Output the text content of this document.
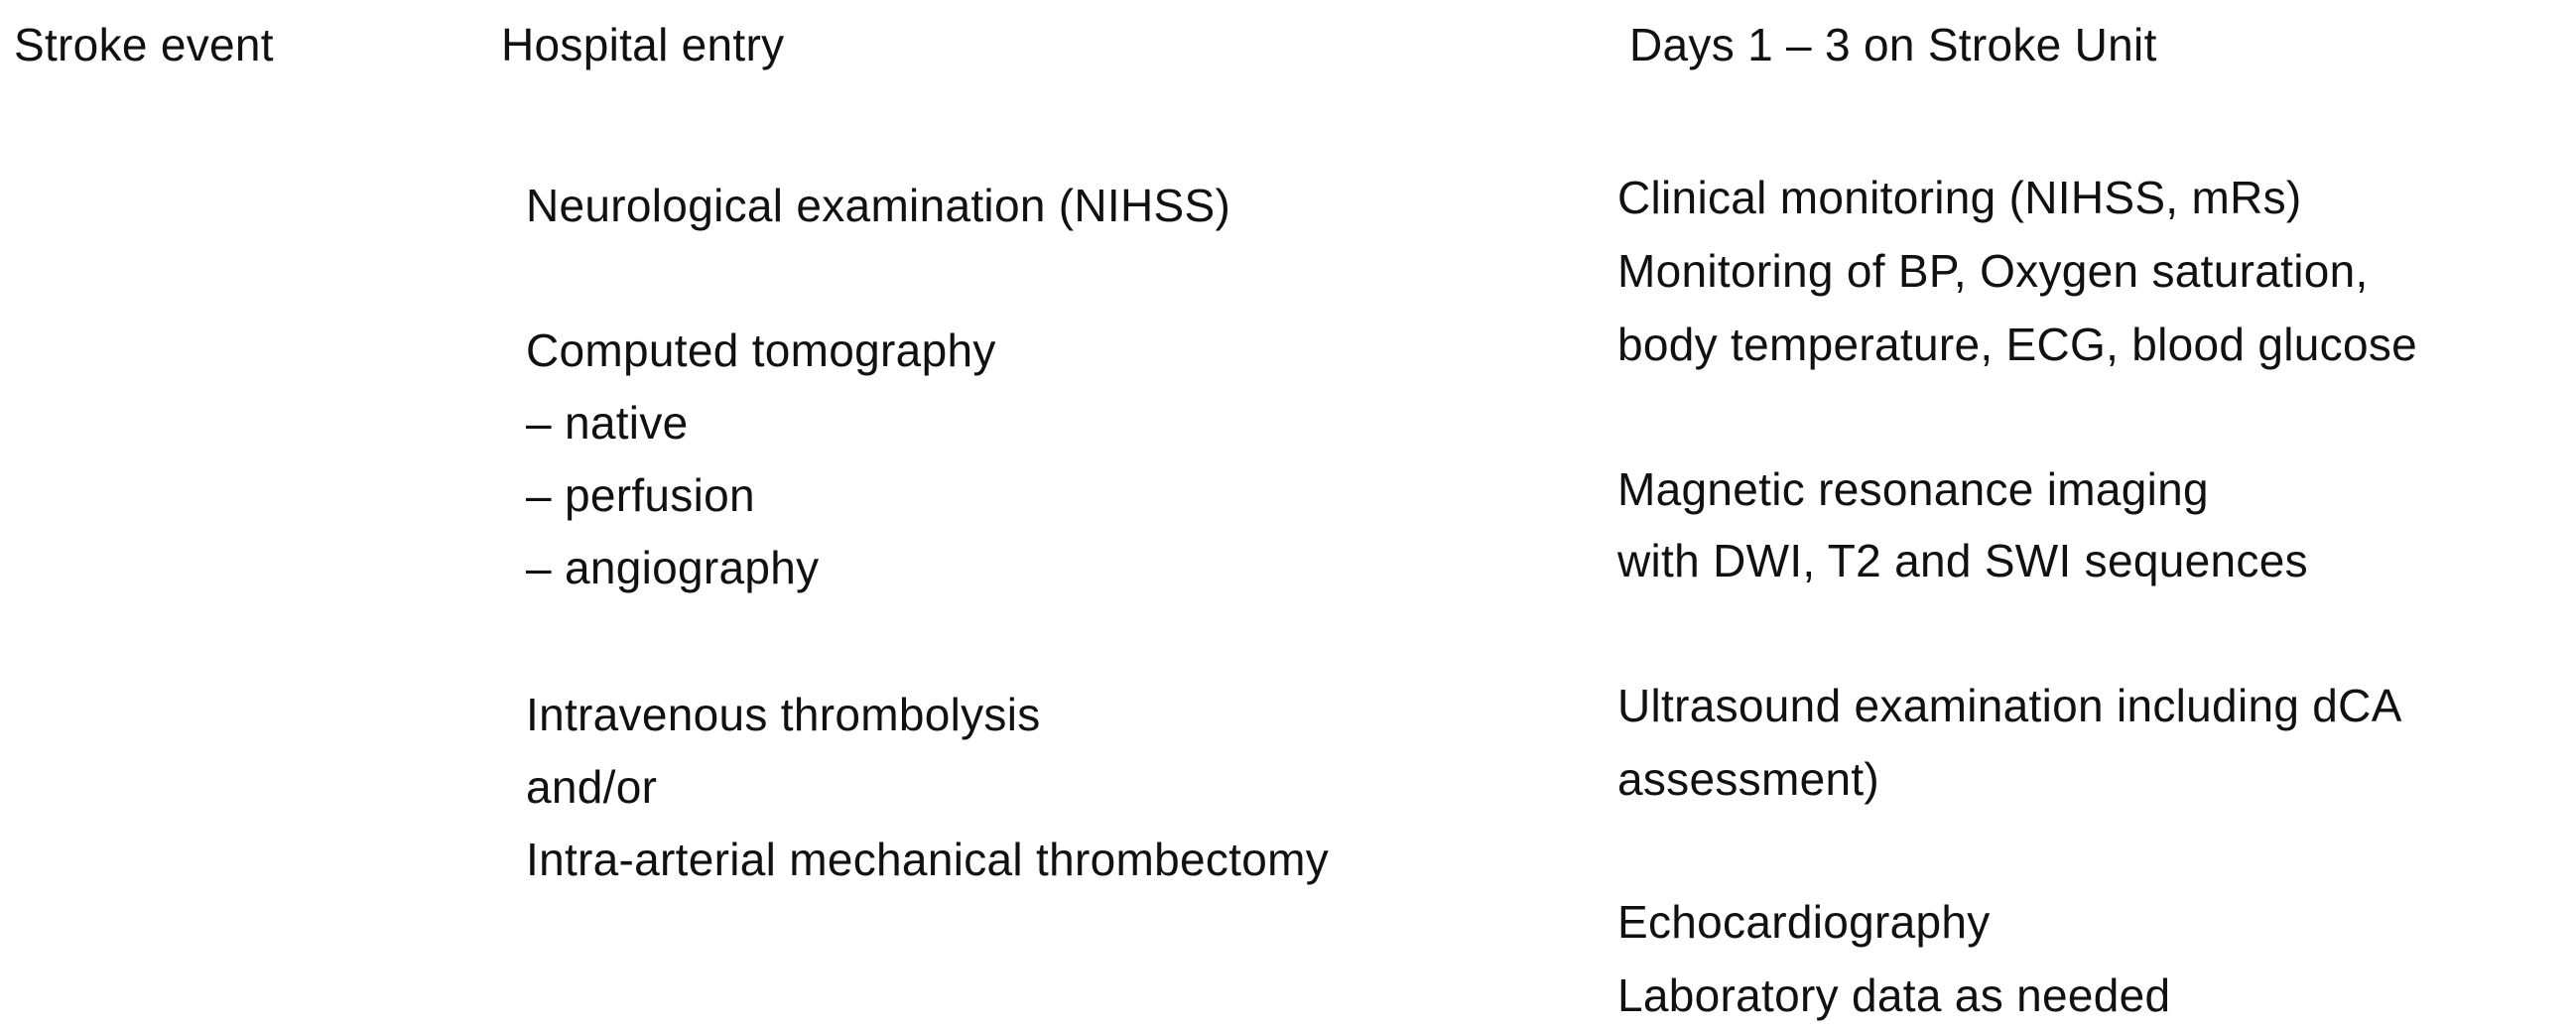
Stroke event	Hospital entry	Days 1 – 3 on Stroke Unit

Neurological examination (NIHSS)

Computed tomography

– native

– perfusion

– angiography

Intravenous thrombolysis

and/or

Intra-arterial mechanical thrombectomy

Clinical monitoring (NIHSS, mRs)

Monitoring of BP, Oxygen saturation,

body temperature, ECG, blood glucose

Magnetic resonance imaging

with DWI, T2 and SWI sequences

Ultrasound examination including dCA

assessment)

Echocardiography

Laboratory data as needed
